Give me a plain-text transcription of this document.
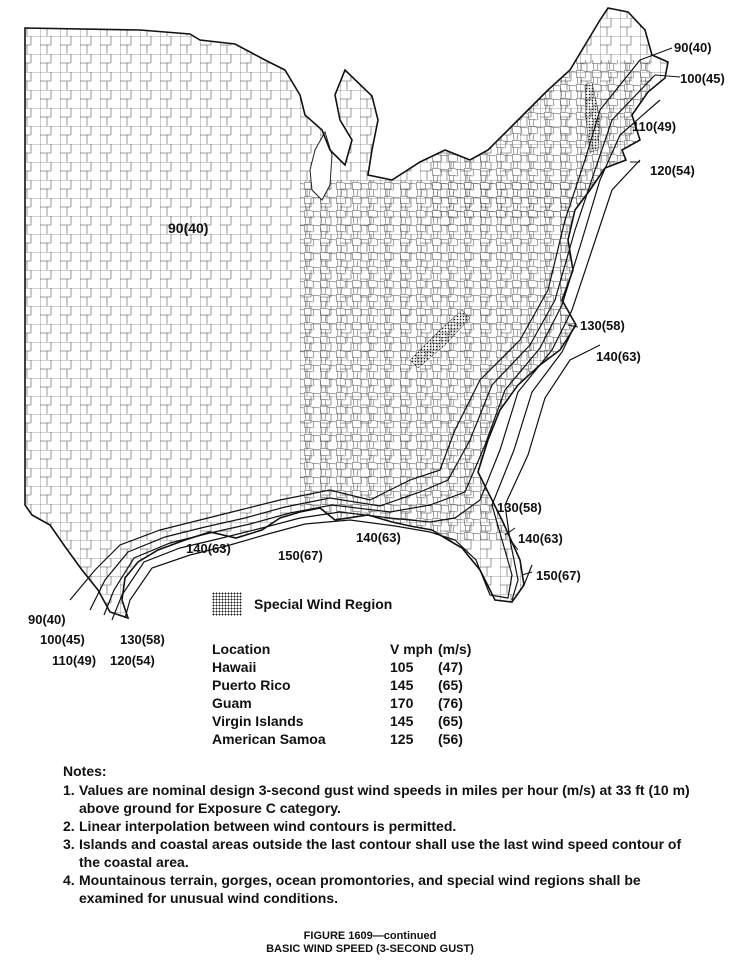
90(40)
100(45)
110(49)
120(54)
90(40)
130(58)
140(63)
130(58)
140(63)
150(67)
140(63)	150(67)
140(63)
90(40)
100(45)	130(58)
110(49) 120(54)
Special Wind Region
Location	V mph	(m/s)
Hawaii	105	(47)
Puerto Rico	145	(65)
Guam	170	(76)
Virgin Islands	145	(65)
American Samoa	125	(56)
Notes:
1. Values are nominal design 3-second gust wind speeds in miles per hour (m/s) at 33 ft (10 m) above ground for Exposure C category.
2. Linear interpolation between wind contours is permitted.
3. Islands and coastal areas outside the last contour shall use the last wind speed contour of the coastal area.
4. Mountainous terrain, gorges, ocean promontories, and special wind regions shall be examined for unusual wind conditions.
FIGURE 1609—continued
BASIC WIND SPEED (3-SECOND GUST)
